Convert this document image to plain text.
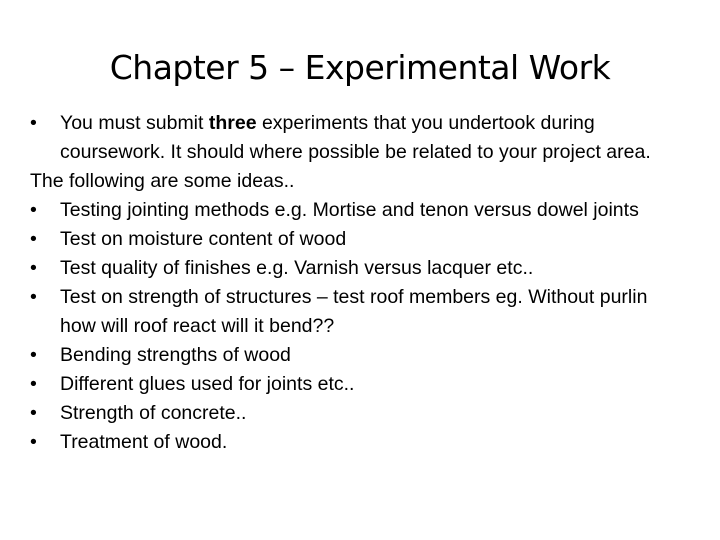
Chapter 5 – Experimental Work
•	You must submit three experiments that you undertook during coursework. It should where possible be related to your project area.
The following are some ideas..
•	Testing jointing methods e.g. Mortise and tenon versus dowel joints
•	Test on moisture content of wood
•	Test quality of finishes e.g. Varnish versus lacquer etc..
•	Test on strength of structures – test roof members eg. Without purlin how will roof react will it bend??
•	Bending strengths of wood
•	Different glues used for joints etc..
•	Strength of concrete..
•	Treatment of wood.
